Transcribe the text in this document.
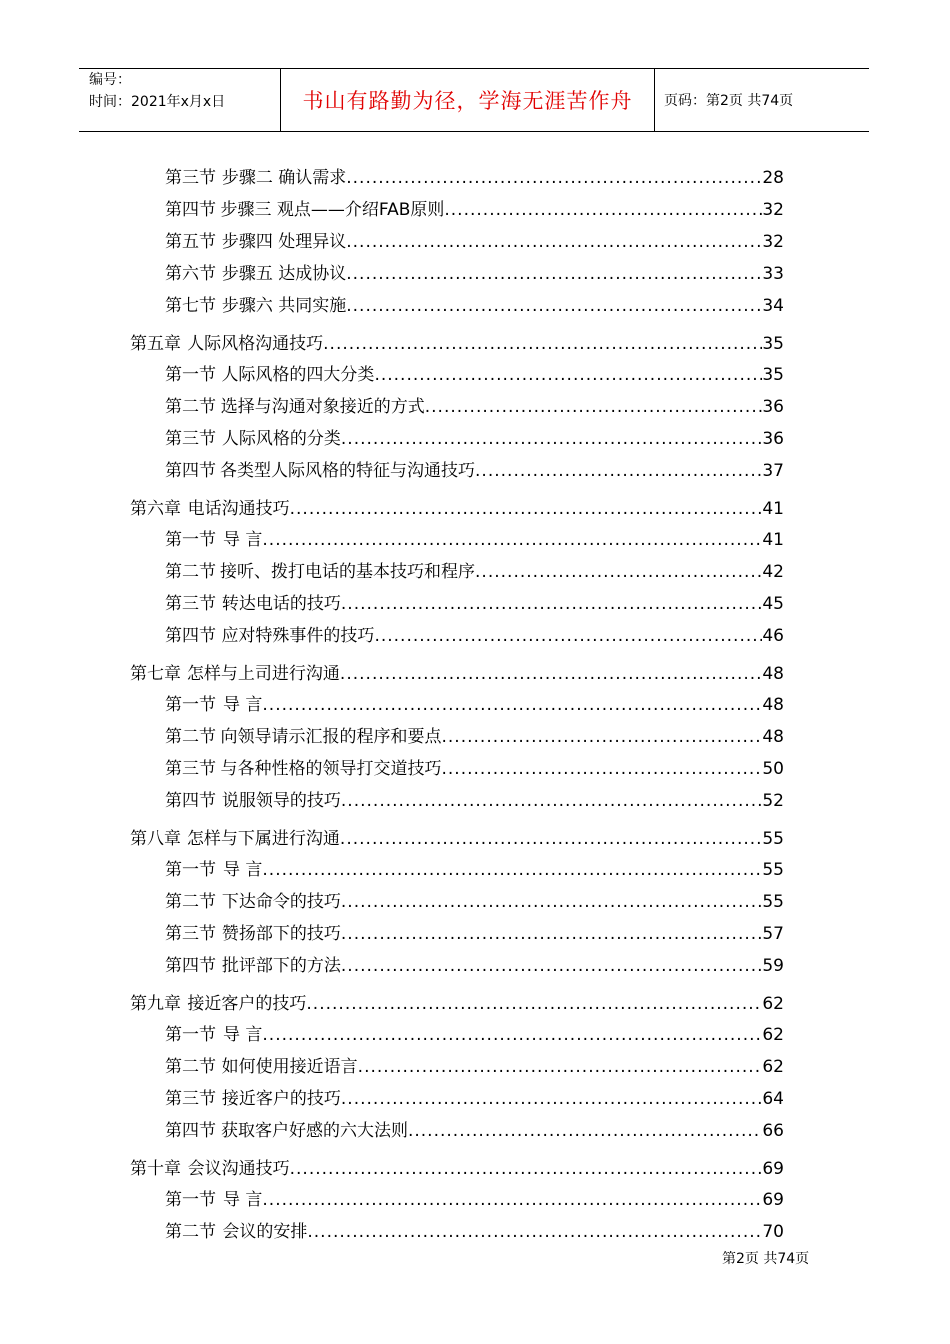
编号：
时间：2021年x月x日	书山有路勤为径，学海无涯苦作舟	页码：第2页 共74页
第三节 步骤二 确认需求 .....	28
第四节 步骤三 观点——介绍FAB原则 .....	32
第五节 步骤四 处理异议 .....	32
第六节 步骤五 达成协议 .....	33
第七节 步骤六 共同实施 .....	34
第五章 人际风格沟通技巧 .....	35
第一节 人际风格的四大分类 .....	35
第二节 选择与沟通对象接近的方式 .....	36
第三节 人际风格的分类 .....	36
第四节 各类型人际风格的特征与沟通技巧 .....	37
第六章 电话沟通技巧 .....	41
第一节 导 言 .....	41
第二节 接听、拨打电话的基本技巧和程序 .....	42
第三节 转达电话的技巧 .....	45
第四节 应对特殊事件的技巧 .....	46
第七章 怎样与上司进行沟通 .....	48
第一节 导 言 .....	48
第二节 向领导请示汇报的程序和要点 .....	48
第三节 与各种性格的领导打交道技巧 .....	50
第四节 说服领导的技巧 .....	52
第八章 怎样与下属进行沟通 .....	55
第一节 导 言 .....	55
第二节 下达命令的技巧 .....	55
第三节 赞扬部下的技巧 .....	57
第四节 批评部下的方法 .....	59
第九章 接近客户的技巧 .....	62
第一节 导 言 .....	62
第二节 如何使用接近语言 .....	62
第三节 接近客户的技巧 .....	64
第四节 获取客户好感的六大法则 .....	66
第十章 会议沟通技巧 .....	69
第一节 导 言 .....	69
第二节 会议的安排 .....	70
第2页 共74页
